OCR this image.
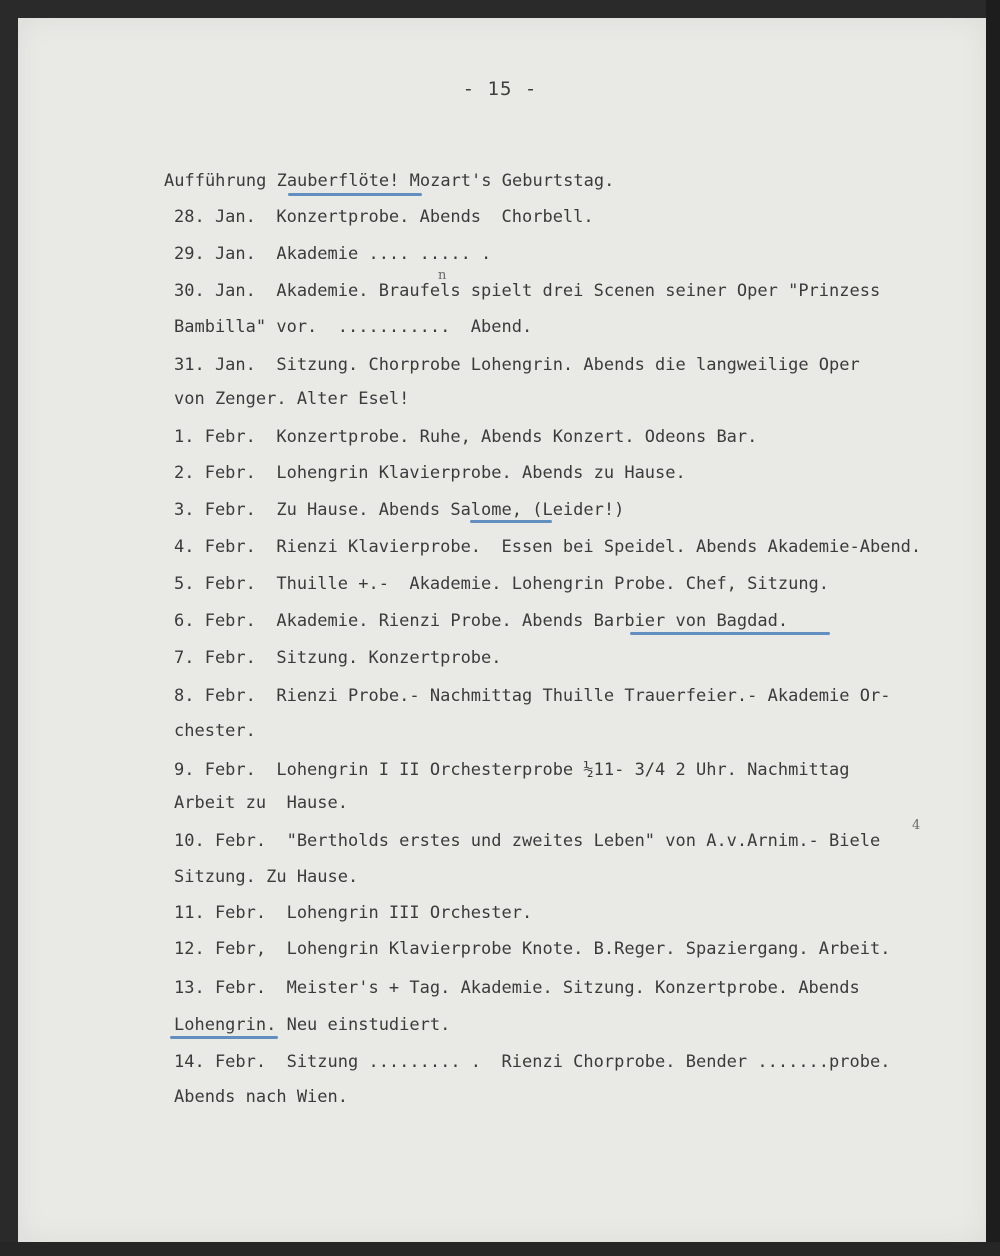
- 15 -
Aufführung Zauberflöte! Mozart's Geburtstag.
28. Jan.  Konzertprobe. Abends  Chorbell.
29. Jan.  Akademie .... ..... .
30. Jan.  Akademie. Braufels spielt drei Scenen seiner Oper "Prinzess
Bambilla" vor.  ...........  Abend.
31. Jan.  Sitzung. Chorprobe Lohengrin. Abends die langweilige Oper
von Zenger. Alter Esel!
1. Febr.  Konzertprobe. Ruhe, Abends Konzert. Odeons Bar.
2. Febr.  Lohengrin Klavierprobe. Abends zu Hause.
3. Febr.  Zu Hause. Abends Salome, (Leider!)
4. Febr.  Rienzi Klavierprobe.  Essen bei Speidel. Abends Akademie-Abend.
5. Febr.  Thuille +.-  Akademie. Lohengrin Probe. Chef, Sitzung.
6. Febr.  Akademie. Rienzi Probe. Abends Barbier von Bagdad.
7. Febr.  Sitzung. Konzertprobe.
8. Febr.  Rienzi Probe.- Nachmittag Thuille Trauerfeier.- Akademie Or-
chester.
9. Febr.  Lohengrin I II Orchesterprobe ½11- 3/4 2 Uhr. Nachmittag
Arbeit zu  Hause.
10. Febr.  "Bertholds erstes und zweites Leben" von A.v.Arnim.- Biele
Sitzung. Zu Hause.
11. Febr.  Lohengrin III Orchester.
12. Febr,  Lohengrin Klavierprobe Knote. B.Reger. Spaziergang. Arbeit.
13. Febr.  Meister's + Tag. Akademie. Sitzung. Konzertprobe. Abends
Lohengrin. Neu einstudiert.
14. Febr.  Sitzung ......... .  Rienzi Chorprobe. Bender .......probe.
Abends nach Wien.
n
4
